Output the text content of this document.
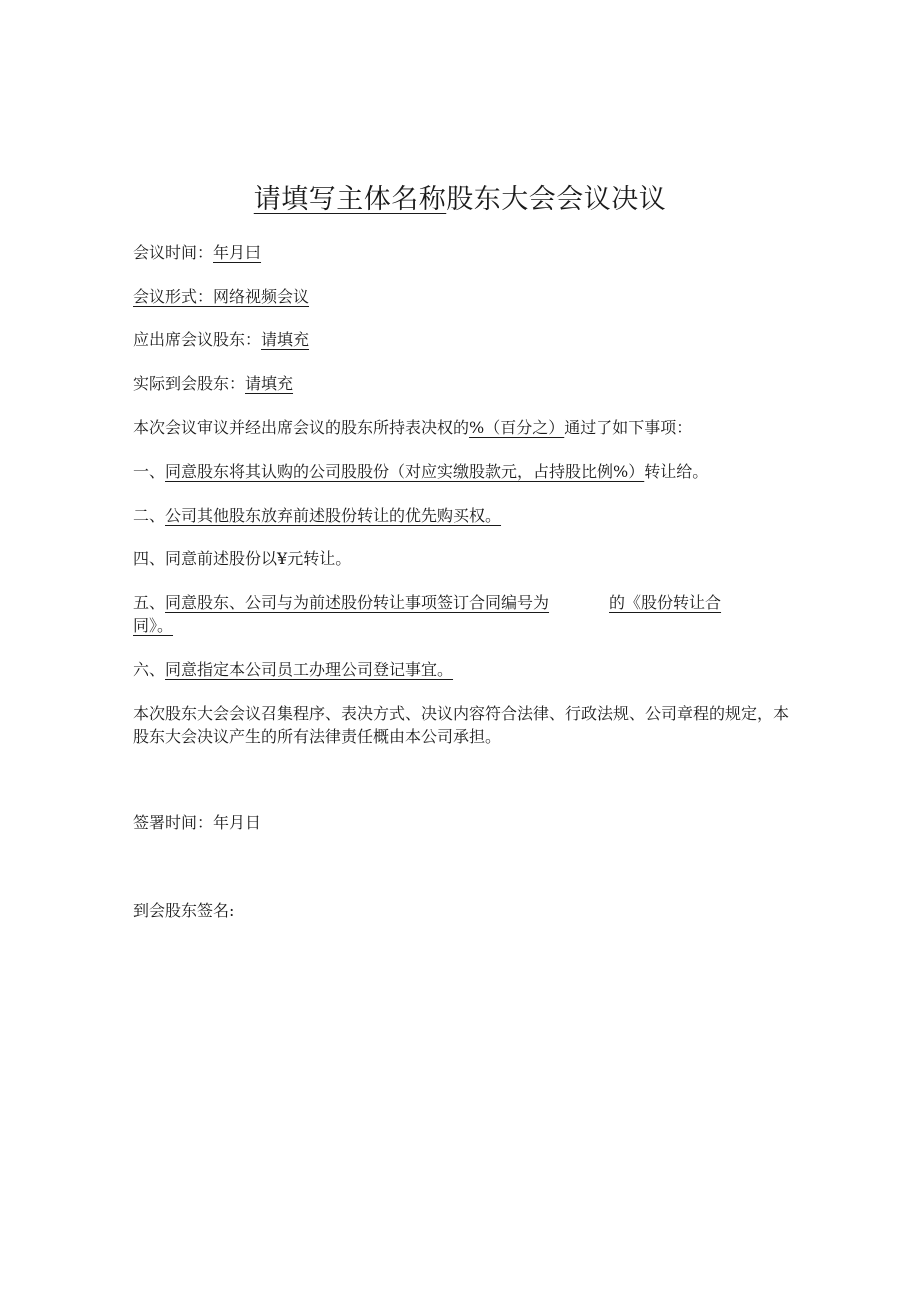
请填写主体名称股东大会会议决议
会议时间：年月曰
会议形式：网络视频会议
应出席会议股东：请填充
实际到会股东：请填充
本次会议审议并经出席会议的股东所持表决权的%（百分之）通过了如下事项：
一、同意股东将其认购的公司股股份（对应实缴股款元，占持股比例%）转让给。
二、公司其他股东放弃前述股份转让的优先购买权。
四、同意前述股份以¥元转让。
五、同意股东、公司与为前述股份转让事项签订合同编号为	的《股份转让合
同》。
六、同意指定本公司员工办理公司登记事宜。
本次股东大会会议召集程序、表决方式、决议内容符合法律、行政法规、公司章程的规定，本股东大会决议产生的所有法律责任概由本公司承担。
签署时间：年月日
到会股东签名:
